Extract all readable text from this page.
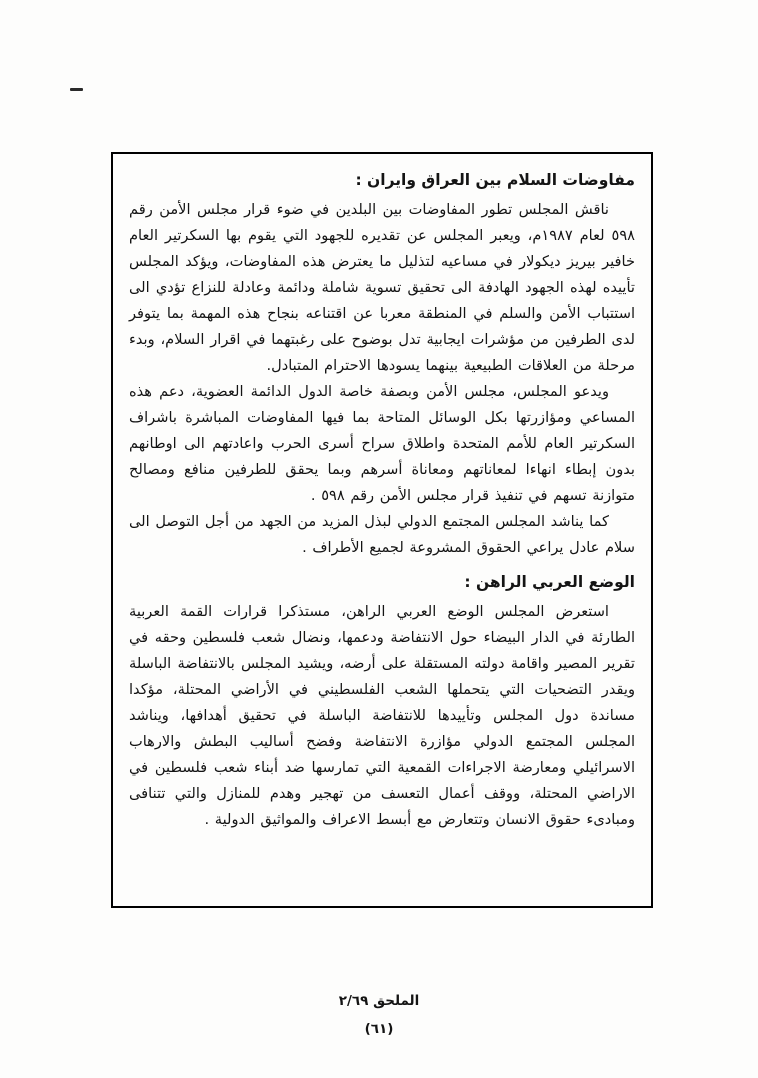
مفاوضات السلام بين العراق وايران :

ناقش المجلس تطور المفاوضات بين البلدين في ضوء قرار مجلس الأمن رقم ٥٩٨ لعام ١٩٨٧م، ويعبر المجلس عن تقديره للجهود التي يقوم بها السكرتير العام خافير بيريز ديكولار في مساعيه لتذليل ما يعترض هذه المفاوضات، ويؤكد المجلس تأييده لهذه الجهود الهادفة الى تحقيق تسوية شاملة ودائمة وعادلة للنزاع تؤدي الى استتباب الأمن والسلم في المنطقة معربا عن اقتناعه بنجاح هذه المهمة بما يتوفر لدى الطرفين من مؤشرات ايجابية تدل بوضوح على رغبتهما في اقرار السلام، وبدء مرحلة من العلاقات الطبيعية بينهما يسودها الاحترام المتبادل.

ويدعو المجلس، مجلس الأمن وبصفة خاصة الدول الدائمة العضوية، دعم هذه المساعي ومؤازرتها بكل الوسائل المتاحة بما فيها المفاوضات المباشرة باشراف السكرتير العام للأمم المتحدة واطلاق سراح أسرى الحرب واعادتهم الى اوطانهم بدون إبطاء انهاءا لمعاناتهم ومعاناة أسرهم وبما يحقق للطرفين منافع ومصالح متوازنة تسهم في تنفيذ قرار مجلس الأمن رقم ٥٩٨ .

كما يناشد المجلس المجتمع الدولي لبذل المزيد من الجهد من أجل التوصل الى سلام عادل يراعي الحقوق المشروعة لجميع الأطراف .

الوضع العربي الراهن :

استعرض المجلس الوضع العربي الراهن، مستذكرا قرارات القمة العربية الطارئة في الدار البيضاء حول الانتفاضة ودعمها، ونضال شعب فلسطين وحقه في تقرير المصير واقامة دولته المستقلة على أرضه، ويشيد المجلس بالانتفاضة الباسلة ويقدر التضحيات التي يتحملها الشعب الفلسطيني في الأراضي المحتلة، مؤكدا مساندة دول المجلس وتأييدها للانتفاضة الباسلة في تحقيق أهدافها، ويناشد المجلس المجتمع الدولي مؤازرة الانتفاضة وفضح أساليب البطش والارهاب الاسرائيلي ومعارضة الاجراءات القمعية التي تمارسها ضد أبناء شعب فلسطين في الاراضي المحتلة، ووقف أعمال التعسف من تهجير وهدم للمنازل والتي تتنافى ومبادىء حقوق الانسان وتتعارض مع أبسط الاعراف والمواثيق الدولية .

الملحق ٢/٦٩
(٦١)
